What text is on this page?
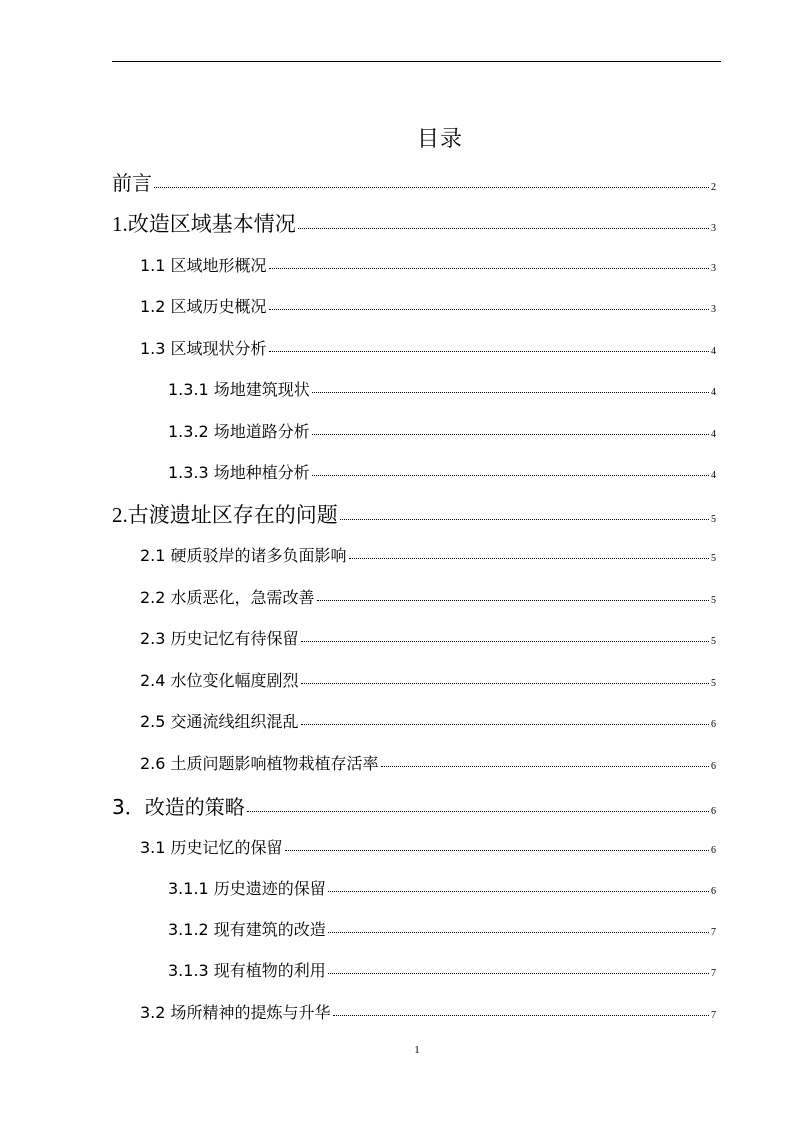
目录
前言	2
1.改造区域基本情况	3
1.1 区域地形概况	3
1.2 区域历史概况	3
1.3 区域现状分析	4
1.3.1 场地建筑现状	4
1.3.2 场地道路分析	4
1.3.3 场地种植分析	4
2.古渡遗址区存在的问题	5
2.1 硬质驳岸的诸多负面影响	5
2.2 水质恶化，急需改善	5
2.3 历史记忆有待保留	5
2.4 水位变化幅度剧烈	5
2.5 交通流线组织混乱	6
2.6 土质问题影响植物栽植存活率	6
3．改造的策略	6
3.1 历史记忆的保留	6
3.1.1 历史遗迹的保留	6
3.1.2 现有建筑的改造	7
3.1.3 现有植物的利用	7
3.2 场所精神的提炼与升华	7
1
